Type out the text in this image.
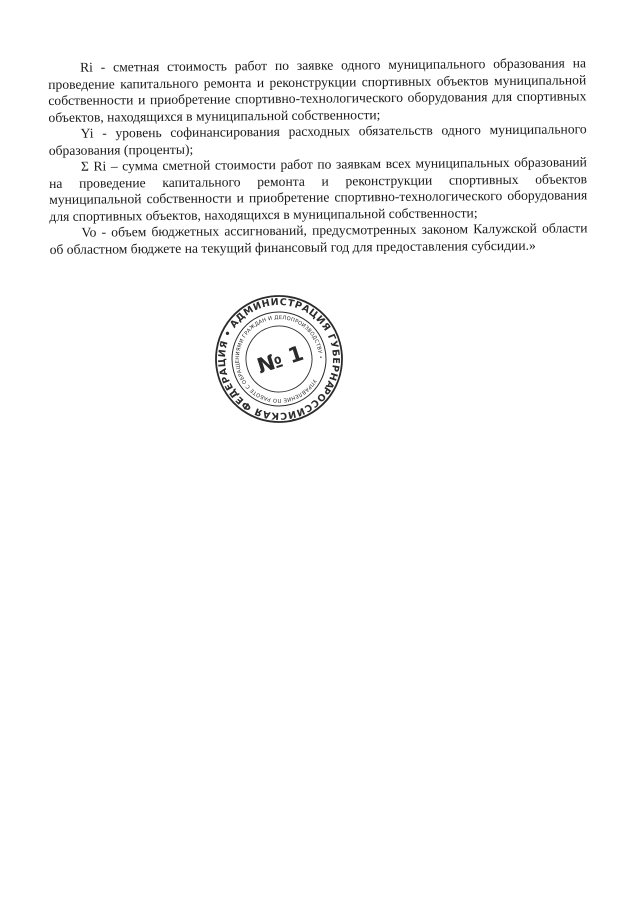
Ri - сметная стоимость работ по заявке одного муниципального образования на проведение капитального ремонта и реконструкции спортивных объектов муниципальной собственности и приобретение спортивно-технологического оборудования для спортивных объектов, находящихся в муниципальной собственности;

Yi - уровень софинансирования расходных обязательств одного муниципального образования (проценты);

Σ Ri – сумма сметной стоимости работ по заявкам всех муниципальных образований на проведение капитального ремонта и реконструкции спортивных объектов муниципальной собственности и приобретение спортивно-технологического оборудования для спортивных объектов, находящихся в муниципальной собственности;

Vo - объем бюджетных ассигнований, предусмотренных законом Калужской области об областном бюджете на текущий финансовый год для предоставления субсидии.»

РОССИЙСКАЯ ФЕДЕРАЦИЯ • АДМИНИСТРАЦИЯ ГУБЕРНАТОРА
УПРАВЛЕНИЕ ПО РАБОТЕ С ОБРАЩЕНИЯМИ ГРАЖДАН И ДЕЛОПРОИЗВОДСТВУ •
№ 1
